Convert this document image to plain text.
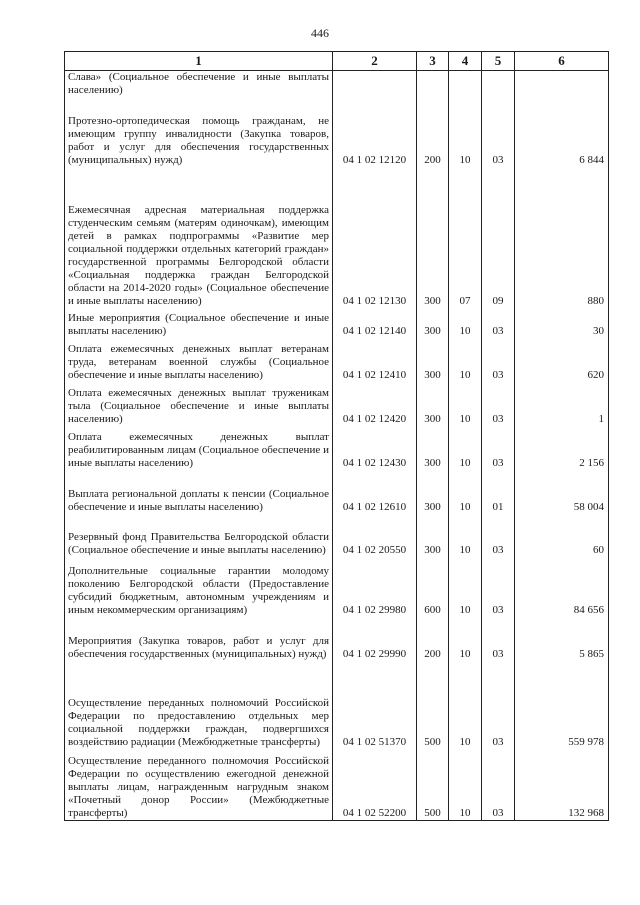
446
1	2	3	4	5	6
Слава» (Социальное обеспечение и иные выплаты населению)					
Протезно-ортопедическая помощь гражданам, не имеющим группу инвалидности (Закупка товаров, работ и услуг для обеспечения государственных (муниципальных) нужд)	04 1 02 12120	200	10	03	6 844
Ежемесячная адресная материальная поддержка студенческим семьям (матерям одиночкам), имеющим детей в рамках подпрограммы «Развитие мер социальной поддержки отдельных категорий граждан» государственной программы Белгородской области «Социальная поддержка граждан Белгородской области на 2014-2020 годы» (Социальное обеспечение и иные выплаты населению)	04 1 02 12130	300	07	09	880
Иные мероприятия (Социальное обеспечение и иные выплаты населению)	04 1 02 12140	300	10	03	30
Оплата ежемесячных денежных выплат ветеранам труда, ветеранам военной службы (Социальное обеспечение и иные выплаты населению)	04 1 02 12410	300	10	03	620
Оплата ежемесячных денежных выплат труженикам тыла (Социальное обеспечение и иные выплаты населению)	04 1 02 12420	300	10	03	1
Оплата ежемесячных денежных выплат реабилитированным лицам (Социальное обеспечение и иные выплаты населению)	04 1 02 12430	300	10	03	2 156
Выплата региональной доплаты к пенсии (Социальное обеспечение и иные выплаты населению)	04 1 02 12610	300	10	01	58 004
Резервный фонд Правительства Белгородской области (Социальное обеспечение и иные выплаты населению)	04 1 02 20550	300	10	03	60
Дополнительные социальные гарантии молодому поколению Белгородской области (Предоставление субсидий бюджетным, автономным учреждениям и иным некоммерческим организациям)	04 1 02 29980	600	10	03	84 656
Мероприятия (Закупка товаров, работ и услуг для обеспечения государственных (муниципальных) нужд)	04 1 02 29990	200	10	03	5 865
Осуществление переданных полномочий Российской Федерации по предоставлению отдельных мер социальной поддержки граждан, подвергшихся воздействию радиации (Межбюджетные трансферты)	04 1 02 51370	500	10	03	559 978
Осуществление переданного полномочия Российской Федерации по осуществлению ежегодной денежной выплаты лицам, награжденным нагрудным знаком «Почетный донор России» (Межбюджетные трансферты)	04 1 02 52200	500	10	03	132 968
